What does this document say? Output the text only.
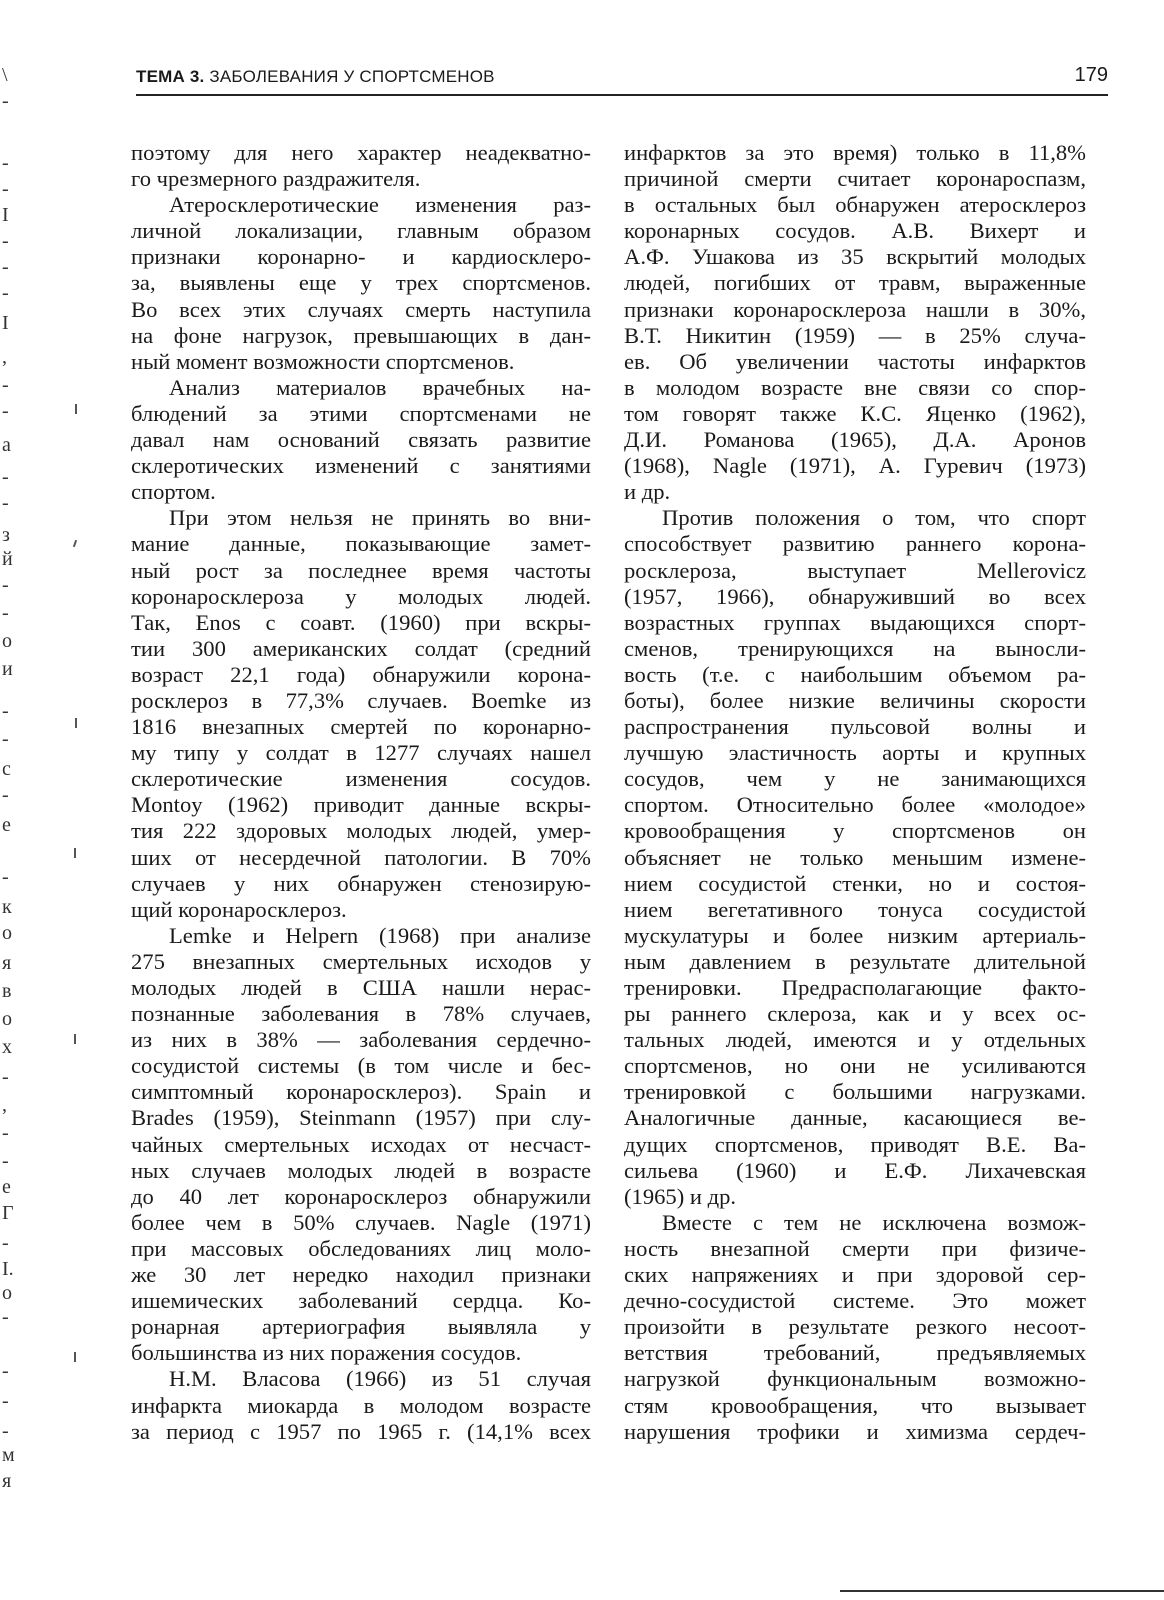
\
-
-
-
I
-
-
-
I
,
-
-
a
-
-
з
й
-
-
о
и
-
-
с
-
е
-
к
о
я
в
о
х
-
,
-
-
е
Г
-
I.
о
-
-
-
-
м
я
ТЕМА 3. ЗАБОЛЕВАНИЯ У СПОРТСМЕНОВ	179
поэтому для него характер неадекватно-
го чрезмерного раздражителя.
Атеросклеротические изменения раз-
личной локализации, главным образом
признаки коронарно- и кардиосклеро-
за, выявлены еще у трех спортсменов.
Во всех этих случаях смерть наступила
на фоне нагрузок, превышающих в дан-
ный момент возможности спортсменов.
Анализ материалов врачебных на-
блюдений за этими спортсменами не
давал нам оснований связать развитие
склеротических изменений с занятиями
спортом.
При этом нельзя не принять во вни-
мание данные, показывающие замет-
ный рост за последнее время частоты
коронаросклероза у молодых людей.
Так, Enos с соавт. (1960) при вскры-
тии 300 американских солдат (средний
возраст 22,1 года) обнаружили корона-
росклероз в 77,3% случаев. Boemke из
1816 внезапных смертей по коронарно-
му типу у солдат в 1277 случаях нашел
склеротические изменения сосудов.
Montoy (1962) приводит данные вскры-
тия 222 здоровых молодых людей, умер-
ших от несердечной патологии. В 70%
случаев у них обнаружен стенозирую-
щий коронаросклероз.
Lemke и Helpern (1968) при анализе
275 внезапных смертельных исходов у
молодых людей в США нашли нерас-
познанные заболевания в 78% случаев,
из них в 38% — заболевания сердечно-
сосудистой системы (в том числе и бес-
симптомный коронаросклероз). Spain и
Brades (1959), Steinmann (1957) при слу-
чайных смертельных исходах от несчаст-
ных случаев молодых людей в возрасте
до 40 лет коронаросклероз обнаружили
более чем в 50% случаев. Nagle (1971)
при массовых обследованиях лиц моло-
же 30 лет нередко находил признаки
ишемических заболеваний сердца. Ко-
ронарная артериография выявляла у
большинства из них поражения сосудов.
Н.М. Власова (1966) из 51 случая
инфаркта миокарда в молодом возрасте
за период с 1957 по 1965 г. (14,1% всех
инфарктов за это время) только в 11,8%
причиной смерти считает коронароспазм,
в остальных был обнаружен атеросклероз
коронарных сосудов. А.В. Вихерт и
А.Ф. Ушакова из 35 вскрытий молодых
людей, погибших от травм, выраженные
признаки коронаросклероза нашли в 30%,
В.Т. Никитин (1959) — в 25% случа-
ев. Об увеличении частоты инфарктов
в молодом возрасте вне связи со спор-
том говорят также К.С. Яценко (1962),
Д.И. Романова (1965), Д.А. Аронов
(1968), Nagle (1971), А. Гуревич (1973)
и др.
Против положения о том, что спорт
способствует развитию раннего корона-
росклероза, выступает Mellerovicz
(1957, 1966), обнаруживший во всех
возрастных группах выдающихся спорт-
сменов, тренирующихся на выносли-
вость (т.е. с наибольшим объемом ра-
боты), более низкие величины скорости
распространения пульсовой волны и
лучшую эластичность аорты и крупных
сосудов, чем у не занимающихся
спортом. Относительно более «молодое»
кровообращения у спортсменов он
объясняет не только меньшим измене-
нием сосудистой стенки, но и состоя-
нием вегетативного тонуса сосудистой
мускулатуры и более низким артериаль-
ным давлением в результате длительной
тренировки. Предрасполагающие факто-
ры раннего склероза, как и у всех ос-
тальных людей, имеются и у отдельных
спортсменов, но они не усиливаются
тренировкой с большими нагрузками.
Аналогичные данные, касающиеся ве-
дущих спортсменов, приводят В.Е. Ва-
сильева (1960) и Е.Ф. Лихачевская
(1965) и др.
Вместе с тем не исключена возмож-
ность внезапной смерти при физиче-
ских напряжениях и при здоровой сер-
дечно-сосудистой системе. Это может
произойти в результате резкого несоот-
ветствия требований, предъявляемых
нагрузкой функциональным возможно-
стям кровообращения, что вызывает
нарушения трофики и химизма сердеч-
